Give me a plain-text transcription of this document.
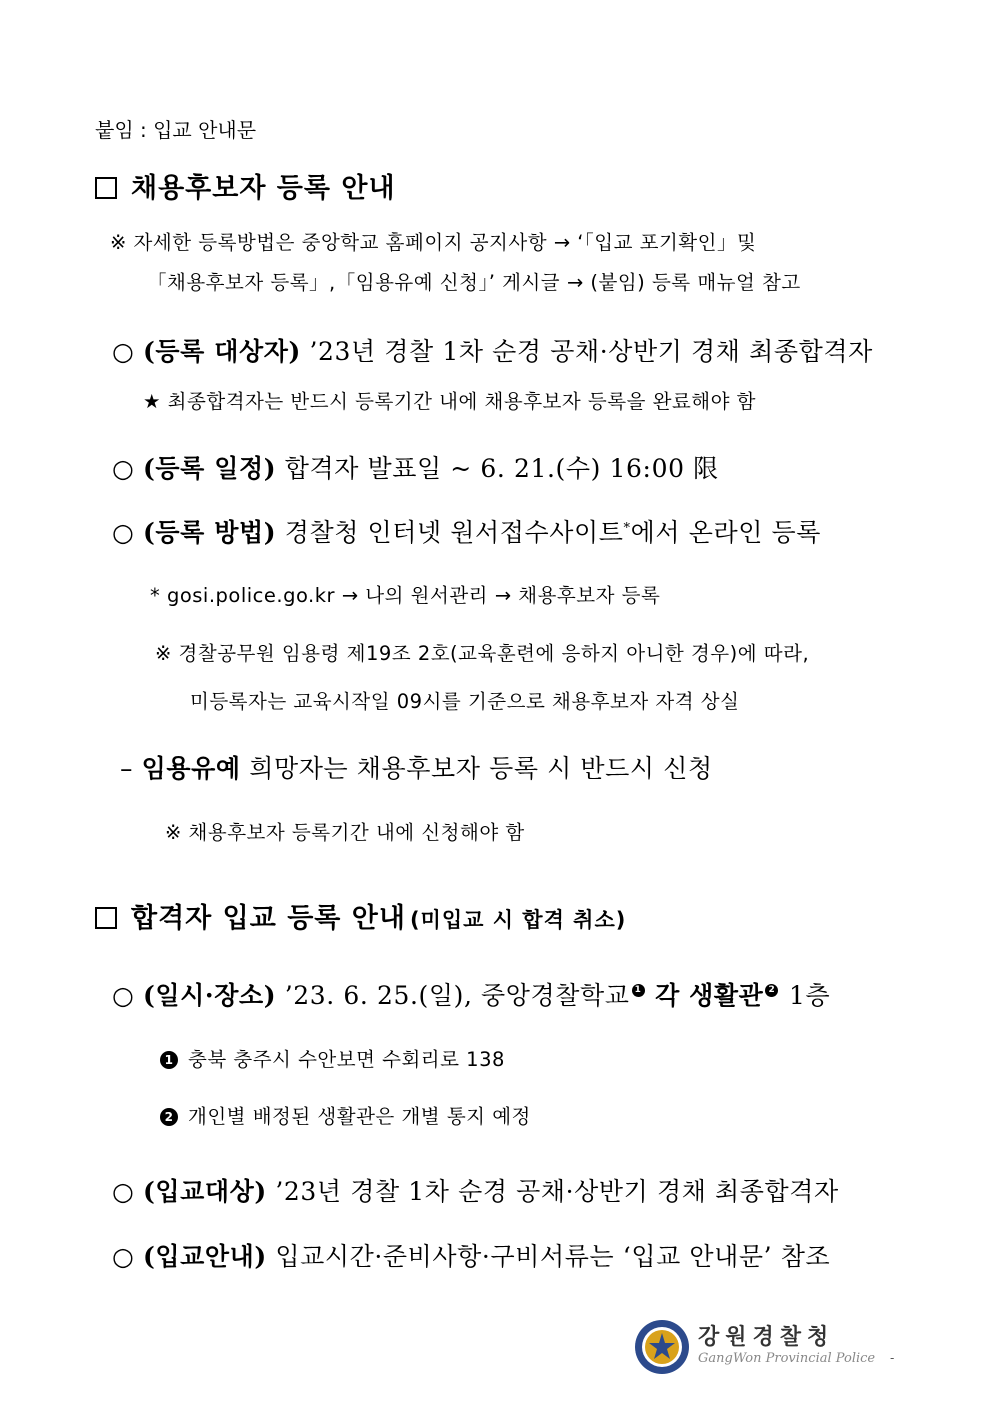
붙임 : 입교 안내문
채용후보자 등록 안내
※ 자세한 등록방법은 중앙학교 홈페이지 공지사항 → ‘「입교 포기확인」및
「채용후보자 등록」,「임용유예 신청」’ 게시글 → (붙임) 등록 매뉴얼 참고
○ (등록 대상자) ’23년 경찰 1차 순경 공채·상반기 경채 최종합격자
★ 최종합격자는 반드시 등록기간 내에 채용후보자 등록을 완료해야 함
○ (등록 일정) 합격자 발표일 ~ 6. 21.(수) 16:00 限
○ (등록 방법) 경찰청 인터넷 원서접수사이트*에서 온라인 등록
* gosi.police.go.kr → 나의 원서관리 → 채용후보자 등록
※ 경찰공무원 임용령 제19조 2호(교육훈련에 응하지 아니한 경우)에 따라,
미등록자는 교육시작일 09시를 기준으로 채용후보자 자격 상실
– 임용유예 희망자는 채용후보자 등록 시 반드시 신청
※ 채용후보자 등록기간 내에 신청해야 함
합격자 입교 등록 안내 (미입교 시 합격 취소)
○ (일시·장소) ’23. 6. 25.(일), 중앙경찰학교 1 각 생활관 2 1층
1 충북 충주시 수안보면 수회리로 138
2 개인별 배정된 생활관은 개별 통지 예정
○ (입교대상) ’23년 경찰 1차 순경 공채·상반기 경채 최종합격자
○ (입교안내) 입교시간·준비사항·구비서류는 ‘입교 안내문’ 참조
강원경찰청
GangWon Provincial Police -
